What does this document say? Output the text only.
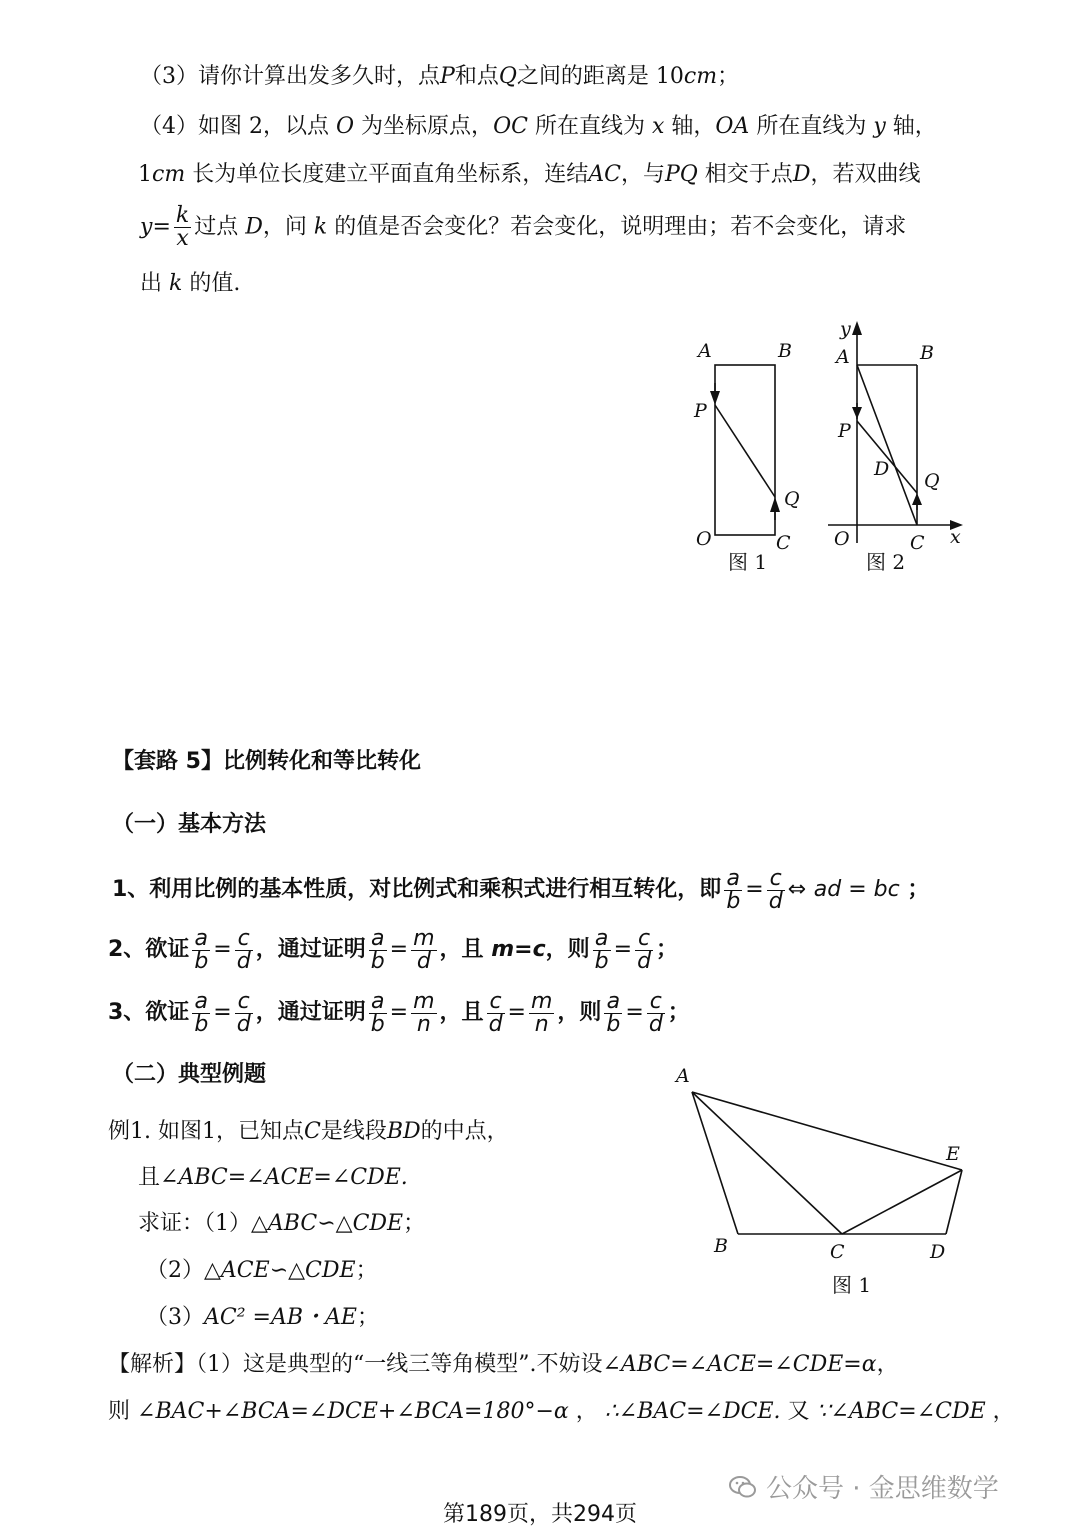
（3）请你计算出发多久时，点P和点Q之间的距离是 10cm；
（4）如图 2，以点 O 为坐标原点，OC 所在直线为 x 轴，OA 所在直线为 y 轴，
1cm 长为单位长度建立平面直角坐标系，连结AC，与PQ 相交于点D，若双曲线
$y= \frac{k}{x}$ 过点 D，问 k 的值是否会变化？若会变化，说明理由；若不会变化，请求
出 k 的值.
A	B
P
Q
O	C
y
A	B
P
D
Q
O	C x
图 1	图 2
【套路 5】比例转化和等比转化
（一）基本方法
1、利用比例的基本性质，对比例式和乘积式进行相互转化，即 $\frac{a}{b} = \frac{c}{d}$ ⇔ ad = bc ；
2、欲证 $\frac{a}{b} = \frac{c}{d}$ ，通过证明 $\frac{a}{b} = \frac{m}{d}$ ，且 m=c，则 $\frac{a}{b} = \frac{c}{d}$ ；
3、欲证 $\frac{a}{b} = \frac{c}{d}$ ，通过证明 $\frac{a}{b} = \frac{m}{n}$ ，且 $\frac{c}{d} = \frac{m}{n}$ ，则 $\frac{a}{b} = \frac{c}{d}$ ；
（二）典型例题
例1. 如图1，已知点C是线段BD的中点，
且∠ABC=∠ACE=∠CDE.
求证：（1）△ABC∽△CDE；
（2）△ACE∽△CDE；
（3）AC² =AB・AE；
A
B	C	D
E
图 1
【解析】（1）这是典型的“一线三等角模型”.不妨设∠ABC=∠ACE=∠CDE=α，
则 ∠BAC+∠BCA=∠DCE+∠BCA=180°−α ， ∴∠BAC=∠DCE. 又 ∵∠ABC=∠CDE ，
公众号 · 金思维数学
第189页，共294页
